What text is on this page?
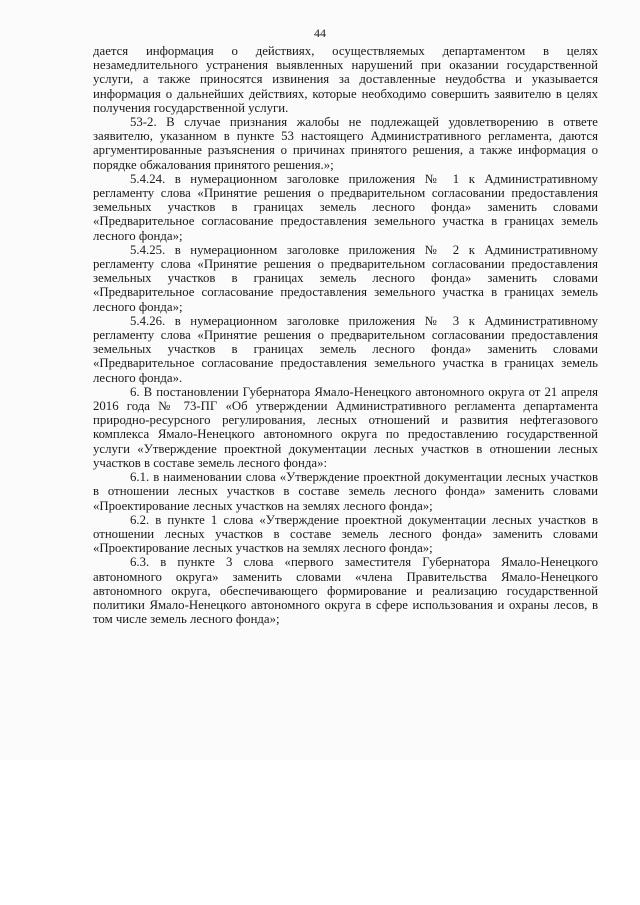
44

дается информация о действиях, осуществляемых департаментом в целях незамедлительного устранения выявленных нарушений при оказании государственной услуги, а также приносятся извинения за доставленные неудобства и указывается информация о дальнейших действиях, которые необходимо совершить заявителю в целях получения государственной услуги.

53-2. В случае признания жалобы не подлежащей удовлетворению в ответе заявителю, указанном в пункте 53 настоящего Административного регламента, даются аргументированные разъяснения о причинах принятого решения, а также информация о порядке обжалования принятого решения.»;

5.4.24. в нумерационном заголовке приложения № 1 к Административному регламенту слова «Принятие решения о предварительном согласовании предоставления земельных участков в границах земель лесного фонда» заменить словами «Предварительное согласование предоставления земельного участка в границах земель лесного фонда»;

5.4.25. в нумерационном заголовке приложения № 2 к Административному регламенту слова «Принятие решения о предварительном согласовании предоставления земельных участков в границах земель лесного фонда» заменить словами «Предварительное согласование предоставления земельного участка в границах земель лесного фонда»;

5.4.26. в нумерационном заголовке приложения № 3 к Административному регламенту слова «Принятие решения о предварительном согласовании предоставления земельных участков в границах земель лесного фонда» заменить словами «Предварительное согласование предоставления земельного участка в границах земель лесного фонда».

6. В постановлении Губернатора Ямало-Ненецкого автономного округа от 21 апреля 2016 года № 73-ПГ «Об утверждении Административного регламента департамента природно-ресурсного регулирования, лесных отношений и развития нефтегазового комплекса Ямало-Ненецкого автономного округа по предоставлению государственной услуги «Утверждение проектной документации лесных участков в отношении лесных участков в составе земель лесного фонда»:

6.1. в наименовании слова «Утверждение проектной документации лесных участков в отношении лесных участков в составе земель лесного фонда» заменить словами «Проектирование лесных участков на землях лесного фонда»;

6.2. в пункте 1 слова «Утверждение проектной документации лесных участков в отношении лесных участков в составе земель лесного фонда» заменить словами «Проектирование лесных участков на землях лесного фонда»;

6.3. в пункте 3 слова «первого заместителя Губернатора Ямало-Ненецкого автономного округа» заменить словами «члена Правительства Ямало-Ненецкого автономного округа, обеспечивающего формирование и реализацию государственной политики Ямало-Ненецкого автономного округа в сфере использования и охраны лесов, в том числе земель лесного фонда»;
